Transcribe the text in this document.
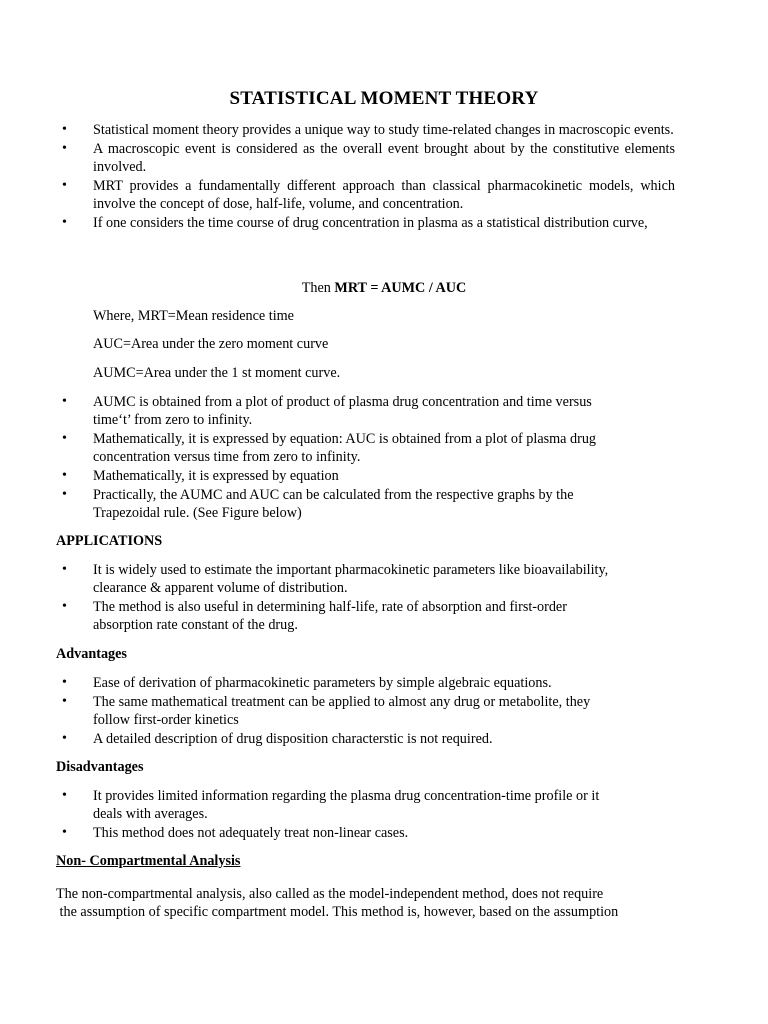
STATISTICAL MOMENT THEORY
• Statistical moment theory provides a unique way to study time-related changes in macroscopic events.
• A macroscopic event is considered as the overall event brought about by the constitutive elements involved.
• MRT provides a fundamentally different approach than classical pharmacokinetic models, which involve the concept of dose, half-life, volume, and concentration.
• If one considers the time course of drug concentration in plasma as a statistical distribution curve,
Then MRT = AUMC / AUC
Where, MRT=Mean residence time
AUC=Area under the zero moment curve
AUMC=Area under the 1 st moment curve.
• AUMC is obtained from a plot of product of plasma drug concentration and time versus
time‘t’ from zero to infinity.
• Mathematically, it is expressed by equation: AUC is obtained from a plot of plasma drug
concentration versus time from zero to infinity.
• Mathematically, it is expressed by equation
• Practically, the AUMC and AUC can be calculated from the respective graphs by the
Trapezoidal rule. (See Figure below)
APPLICATIONS
• It is widely used to estimate the important pharmacokinetic parameters like bioavailability,
clearance & apparent volume of distribution.
• The method is also useful in determining half-life, rate of absorption and first-order
absorption rate constant of the drug.
Advantages
• Ease of derivation of pharmacokinetic parameters by simple algebraic equations.
• The same mathematical treatment can be applied to almost any drug or metabolite, they
follow first-order kinetics
• A detailed description of drug disposition characterstic is not required.
Disadvantages
• It provides limited information regarding the plasma drug concentration-time profile or it
deals with averages.
• This method does not adequately treat non-linear cases.
Non- Compartmental Analysis
The non-compartmental analysis, also called as the model-independent method, does not require
the assumption of specific compartment model. This method is, however, based on the assumption
